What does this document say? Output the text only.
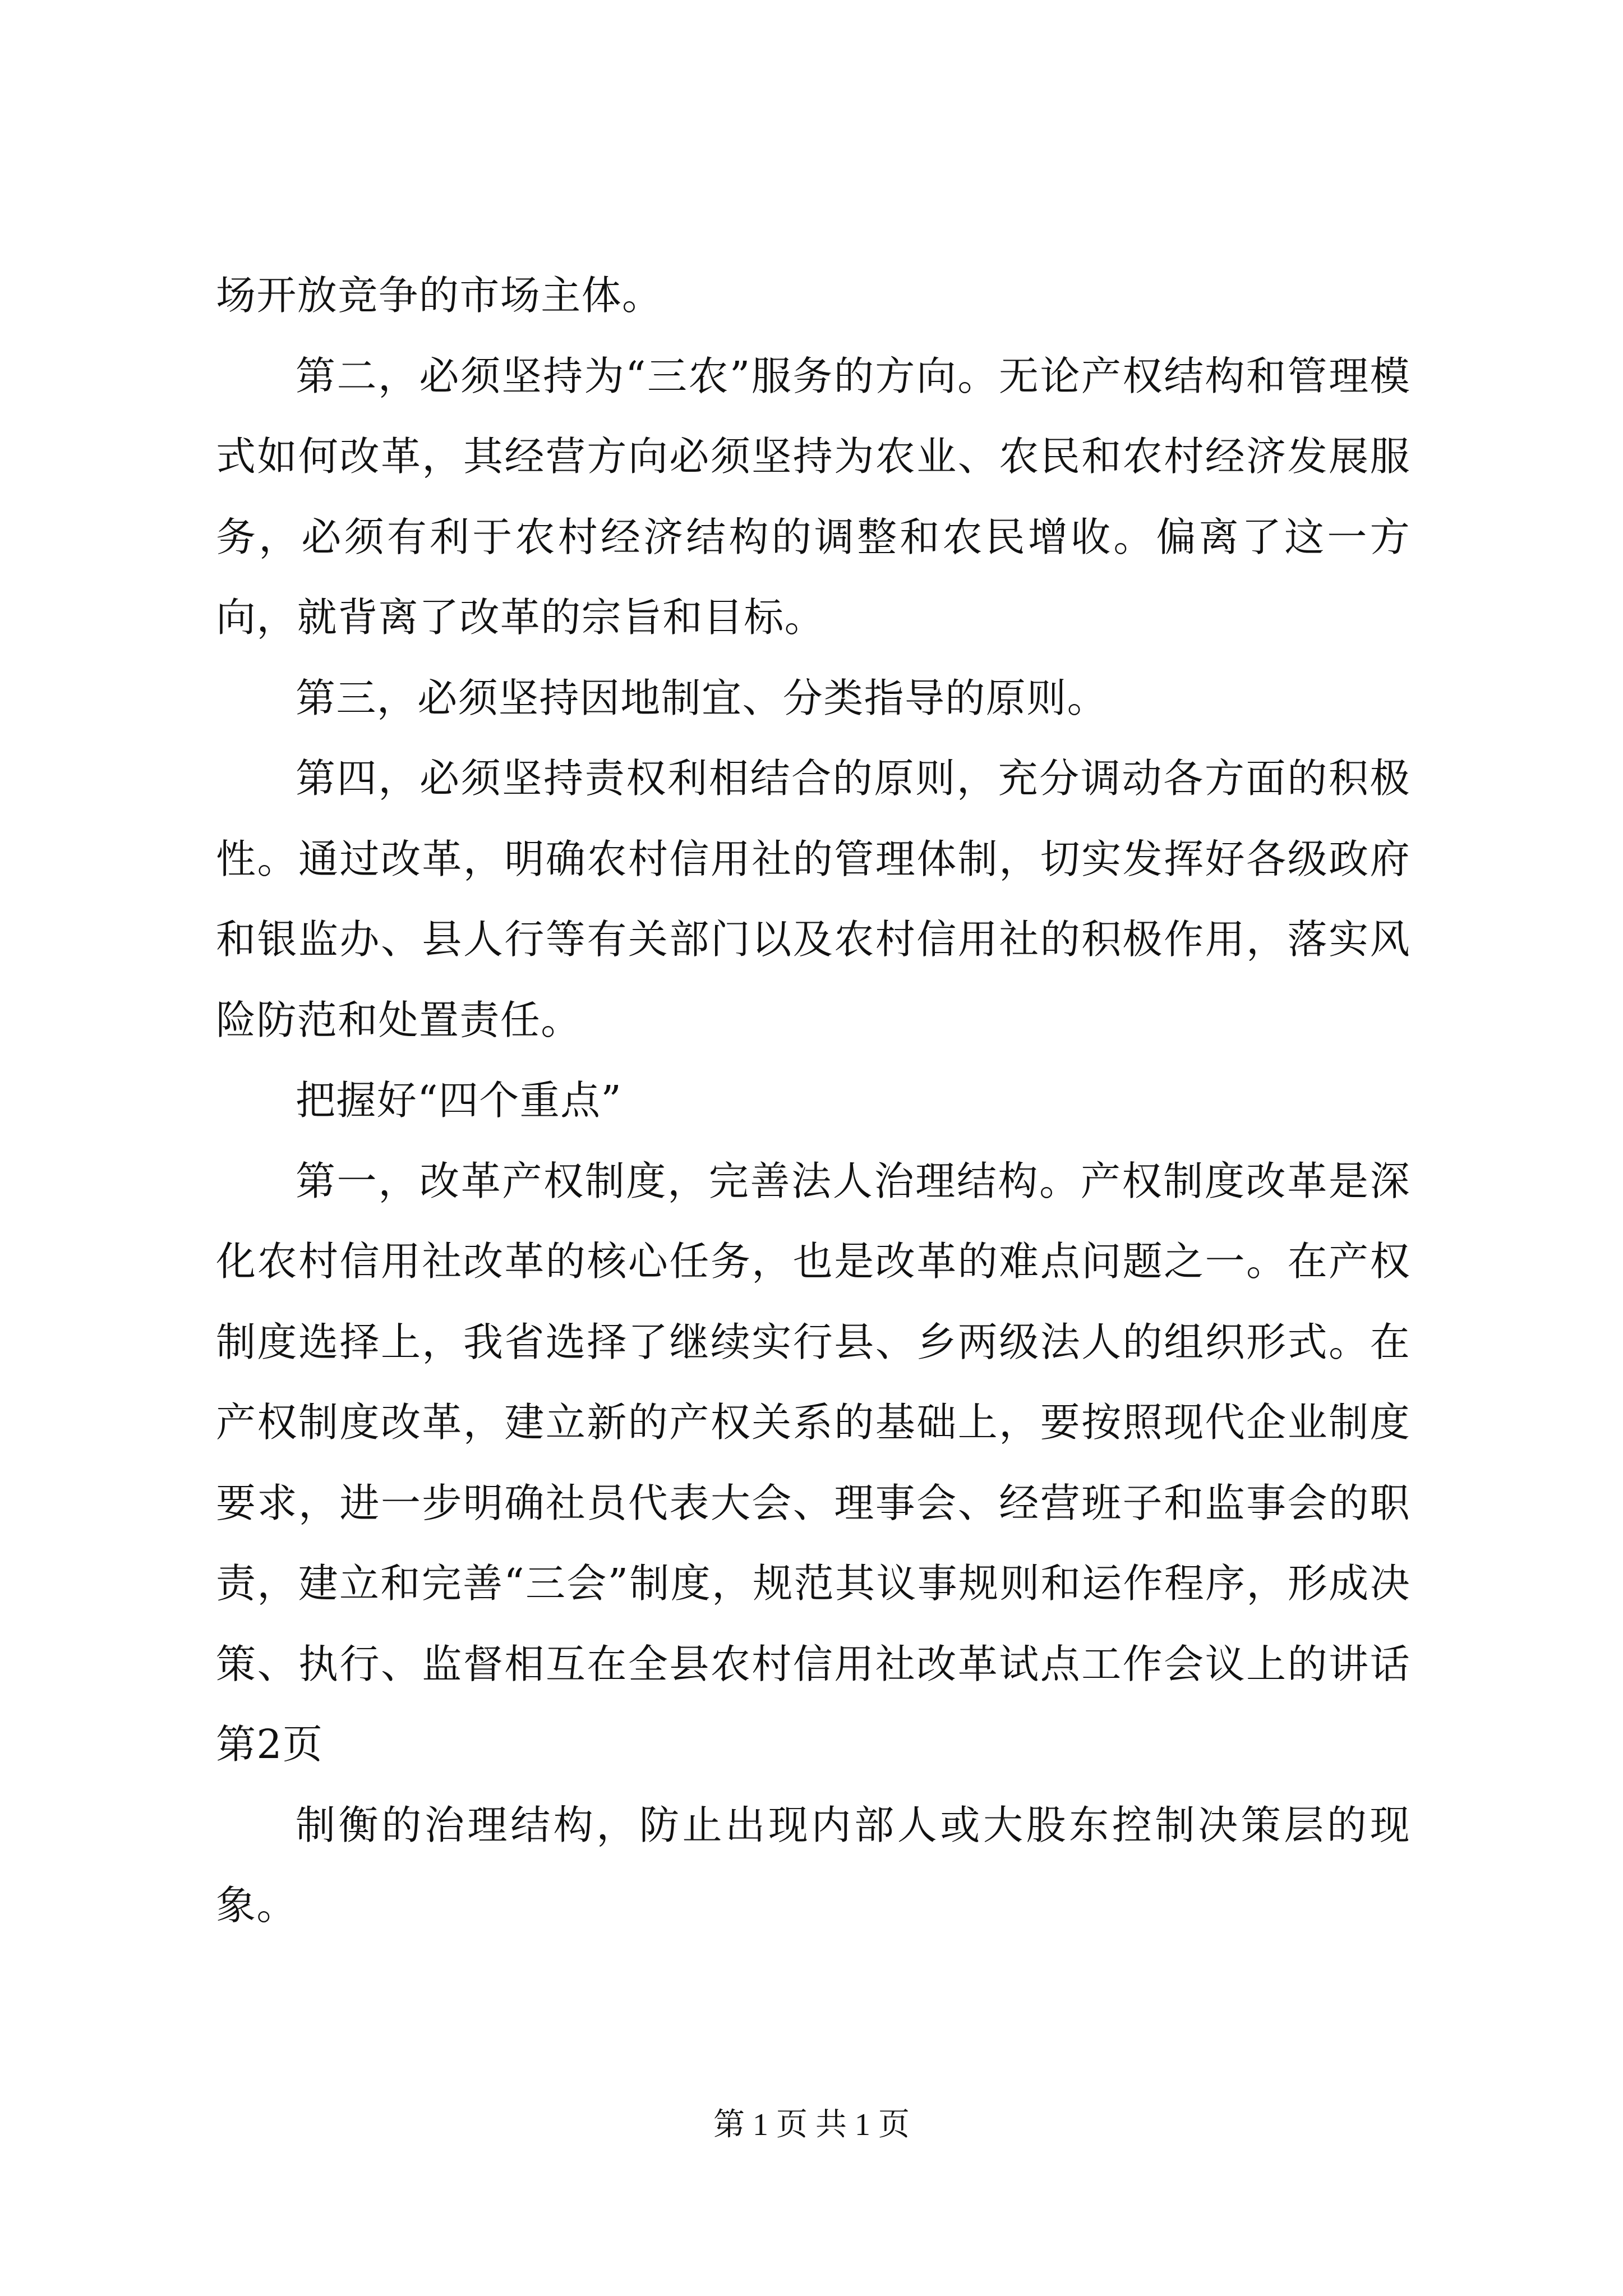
场开放竞争的市场主体。

第二，必须坚持为“三农”服务的方向。无论产权结构和管理模式如何改革，其经营方向必须坚持为农业、农民和农村经济发展服务，必须有利于农村经济结构的调整和农民增收。偏离了这一方向，就背离了改革的宗旨和目标。

第三，必须坚持因地制宜、分类指导的原则。

第四，必须坚持责权利相结合的原则，充分调动各方面的积极性。通过改革，明确农村信用社的管理体制，切实发挥好各级政府和银监办、县人行等有关部门以及农村信用社的积极作用，落实风险防范和处置责任。

把握好“四个重点”

第一，改革产权制度，完善法人治理结构。产权制度改革是深化农村信用社改革的核心任务，也是改革的难点问题之一。在产权制度选择上，我省选择了继续实行县、乡两级法人的组织形式。在产权制度改革，建立新的产权关系的基础上，要按照现代企业制度要求，进一步明确社员代表大会、理事会、经营班子和监事会的职责，建立和完善“三会”制度，规范其议事规则和运作程序，形成决策、执行、监督相互在全县农村信用社改革试点工作会议上的讲话第2页

制衡的治理结构，防止出现内部人或大股东控制决策层的现象。

第 1 页 共 1 页
